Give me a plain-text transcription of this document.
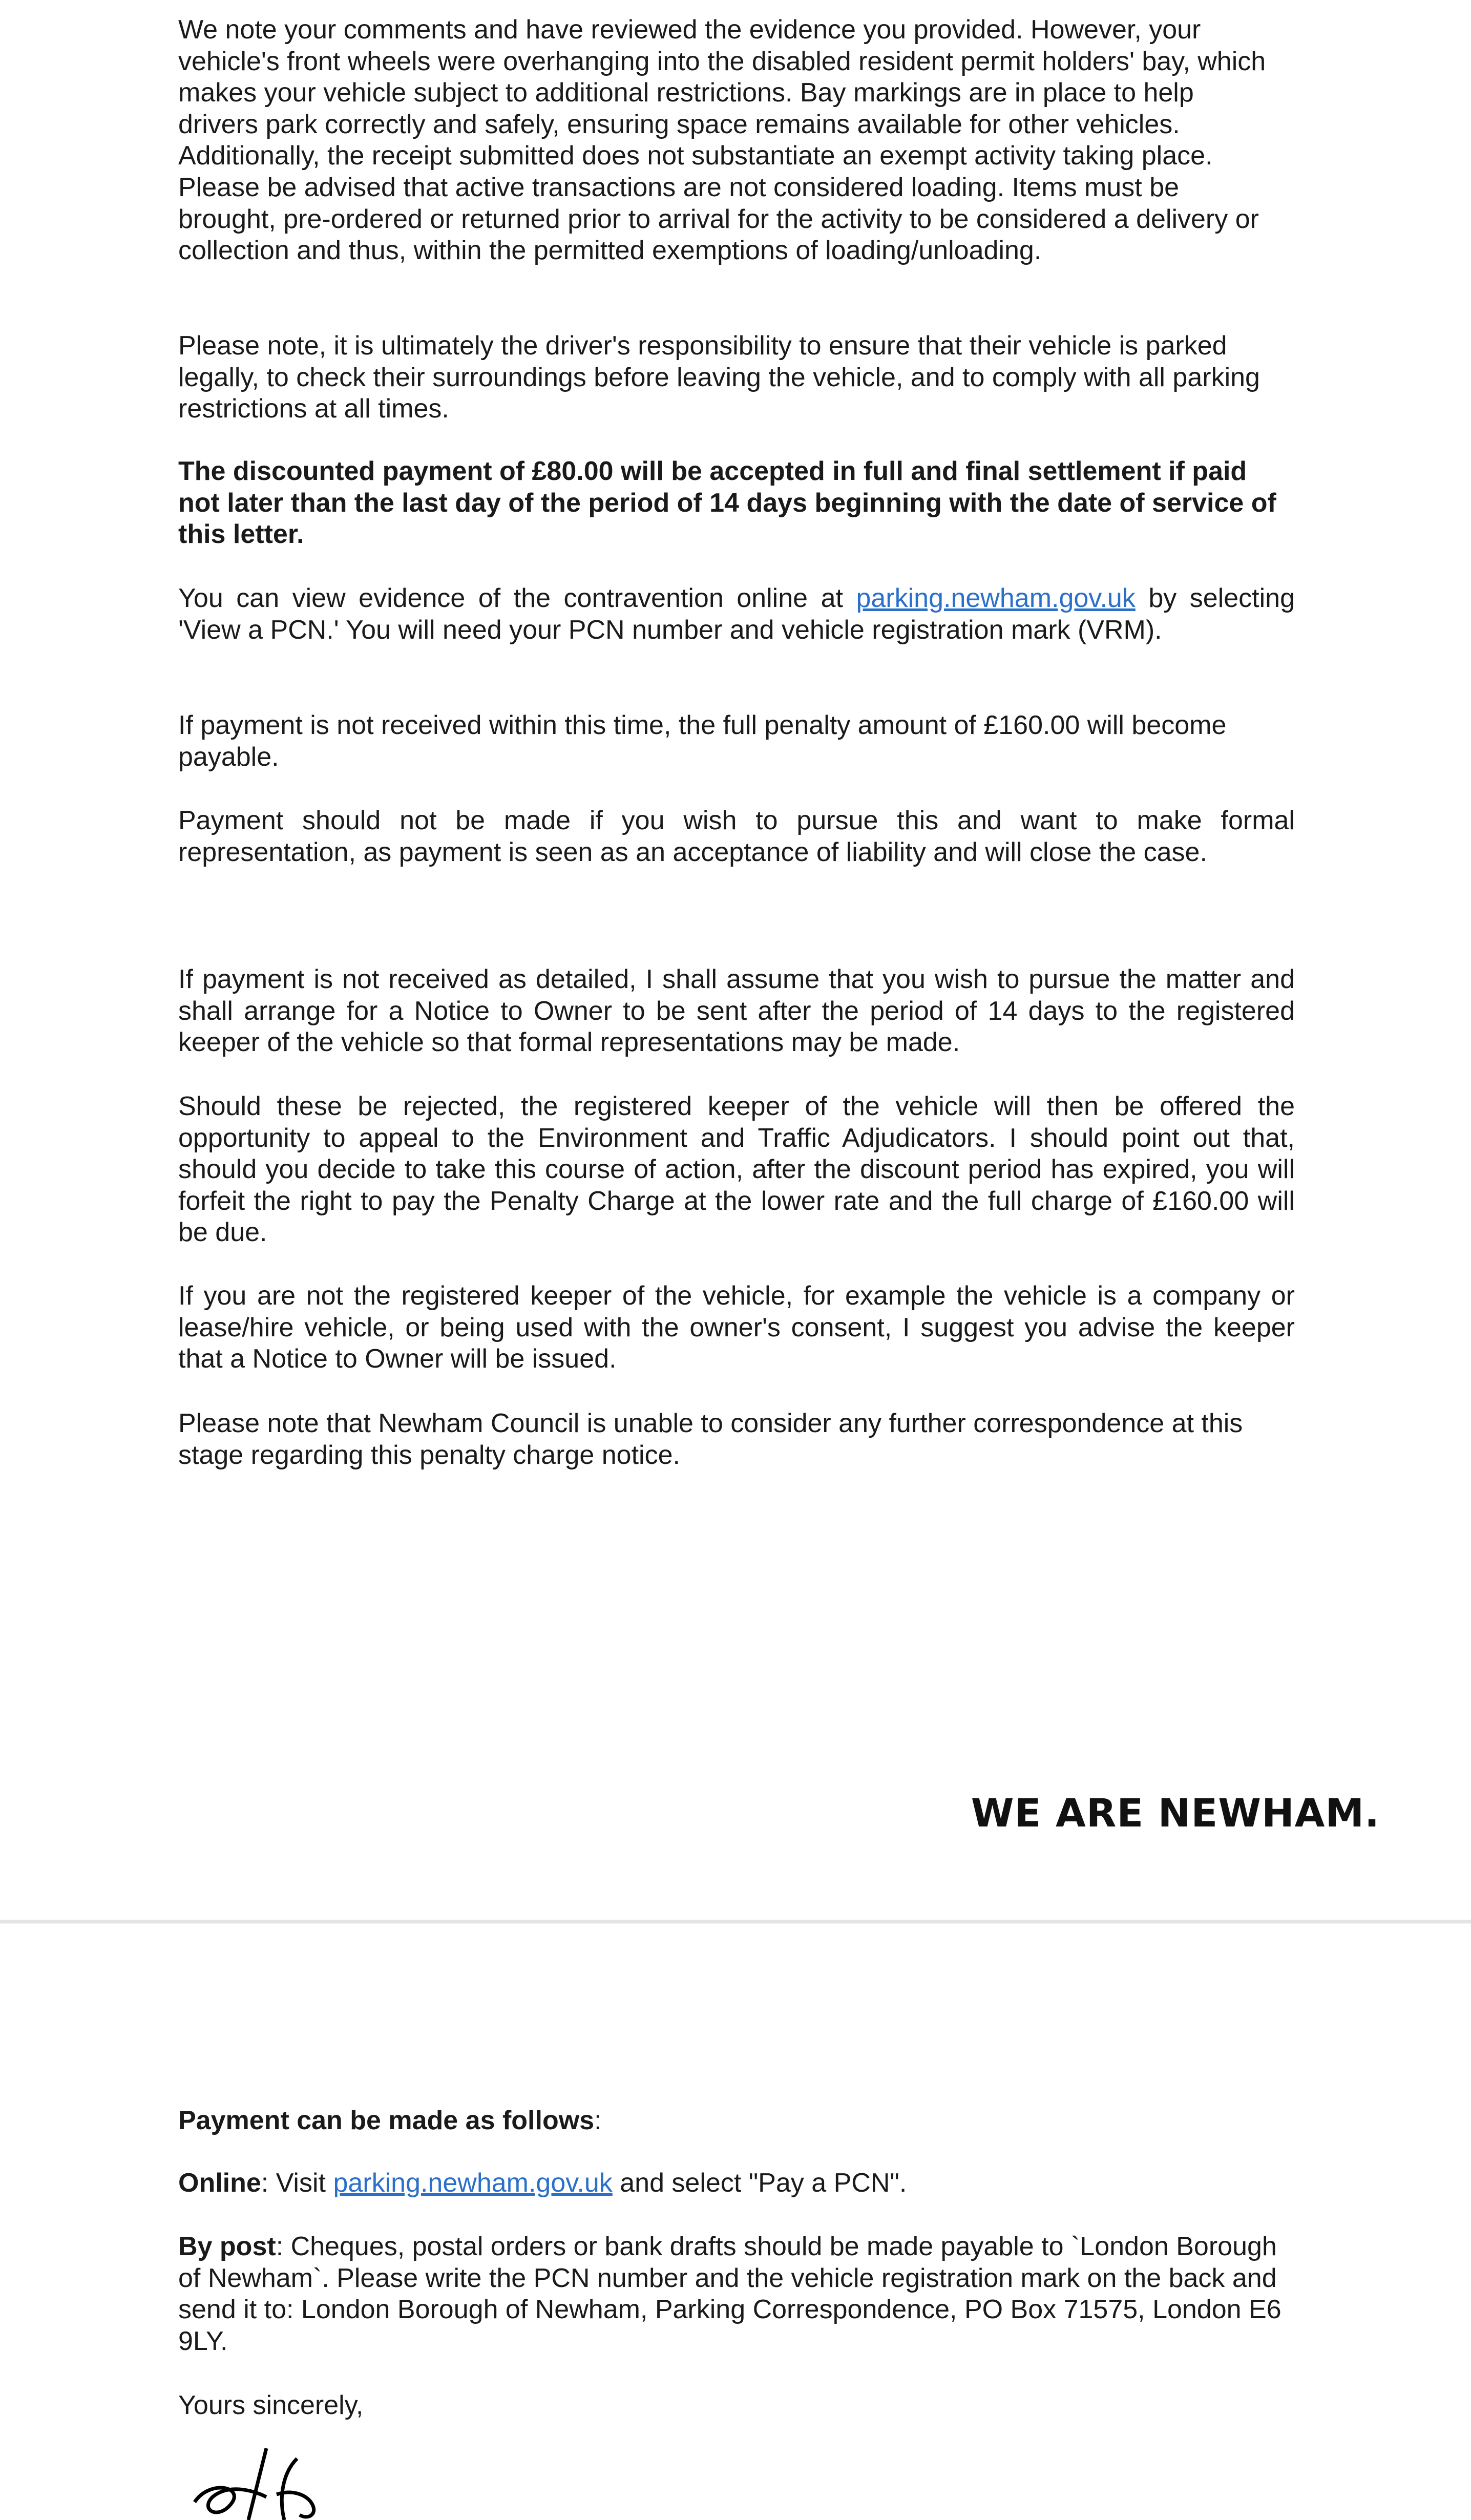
We note your comments and have reviewed the evidence you provided. However, your vehicle's front wheels were overhanging into the disabled resident permit holders' bay, which makes your vehicle subject to additional restrictions. Bay markings are in place to help drivers park correctly and safely, ensuring space remains available for other vehicles. Additionally, the receipt submitted does not substantiate an exempt activity taking place. Please be advised that active transactions are not considered loading. Items must be brought, pre-ordered or returned prior to arrival for the activity to be considered a delivery or collection and thus, within the permitted exemptions of loading/unloading.

Please note, it is ultimately the driver's responsibility to ensure that their vehicle is parked legally, to check their surroundings before leaving the vehicle, and to comply with all parking restrictions at all times.

The discounted payment of £80.00 will be accepted in full and final settlement if paid not later than the last day of the period of 14 days beginning with the date of service of this letter.

You can view evidence of the contravention online at parking.newham.gov.uk by selecting 'View a PCN.' You will need your PCN number and vehicle registration mark (VRM).

If payment is not received within this time, the full penalty amount of £160.00 will become payable.

Payment should not be made if you wish to pursue this and want to make formal representation, as payment is seen as an acceptance of liability and will close the case.

If payment is not received as detailed, I shall assume that you wish to pursue the matter and shall arrange for a Notice to Owner to be sent after the period of 14 days to the registered keeper of the vehicle so that formal representations may be made.

Should these be rejected, the registered keeper of the vehicle will then be offered the opportunity to appeal to the Environment and Traffic Adjudicators. I should point out that, should you decide to take this course of action, after the discount period has expired, you will forfeit the right to pay the Penalty Charge at the lower rate and the full charge of £160.00 will be due.

If you are not the registered keeper of the vehicle, for example the vehicle is a company or lease/hire vehicle, or being used with the owner's consent, I suggest you advise the keeper that a Notice to Owner will be issued.

Please note that Newham Council is unable to consider any further correspondence at this stage regarding this penalty charge notice.

WE ARE NEWHAM.

Payment can be made as follows:

Online: Visit parking.newham.gov.uk and select "Pay a PCN".

By post: Cheques, postal orders or bank drafts should be made payable to `London Borough of Newham`. Please write the PCN number and the vehicle registration mark on the back and send it to: London Borough of Newham, Parking Correspondence, PO Box 71575, London E6 9LY.

Yours sincerely,
